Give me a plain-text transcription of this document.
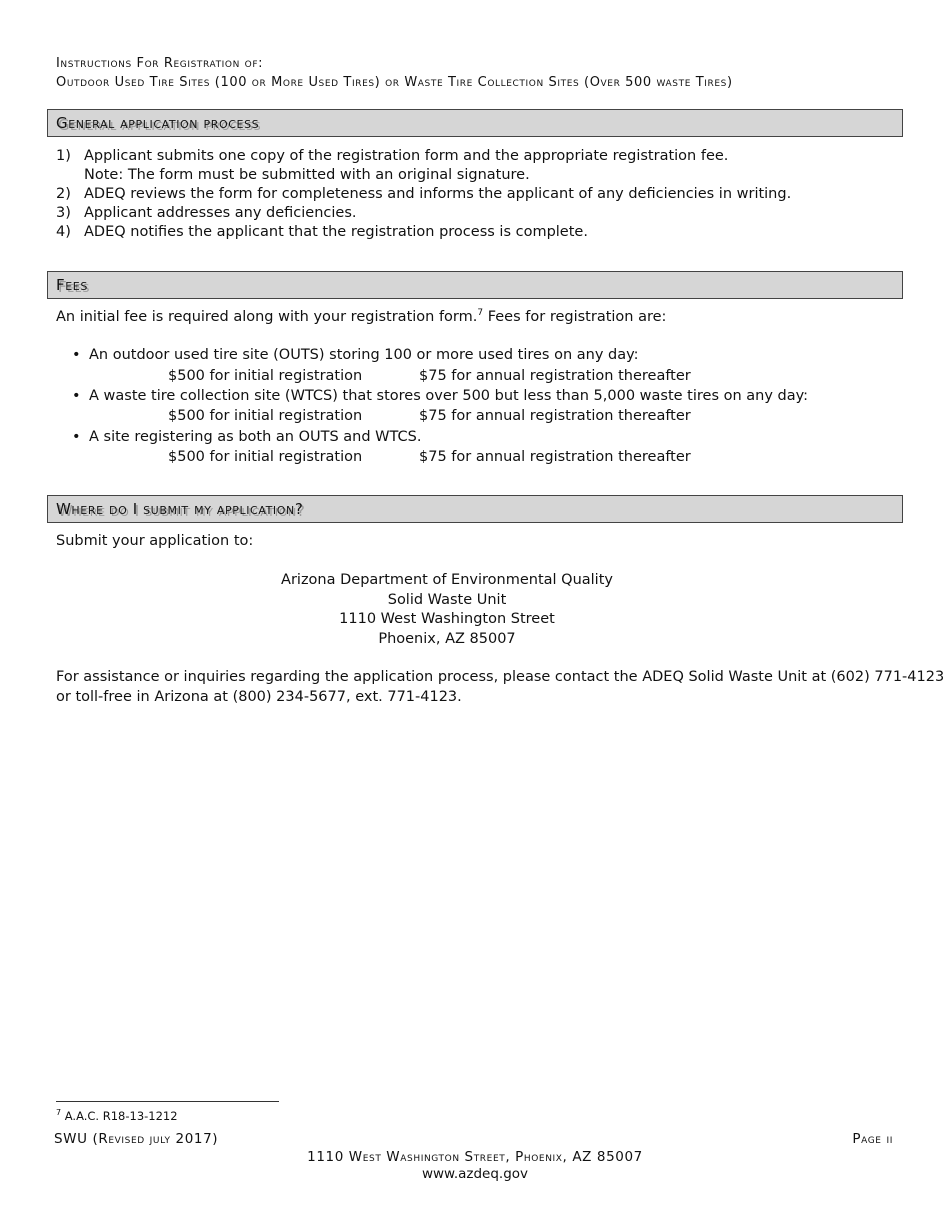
Instructions For Registration of:
Outdoor Used Tire Sites (100 or More Used Tires) or Waste Tire Collection Sites (Over 500 waste Tires)
General application process
1) Applicant submits one copy of the registration form and the appropriate registration fee.
Note: The form must be submitted with an original signature.
2) ADEQ reviews the form for completeness and informs the applicant of any deficiencies in writing.
3) Applicant addresses any deficiencies.
4) ADEQ notifies the applicant that the registration process is complete.
Fees
An initial fee is required along with your registration form.$^7$ Fees for registration are:
• An outdoor used tire site (OUTS) storing 100 or more used tires on any day:
$500 for initial registration	$75 for annual registration thereafter
• A waste tire collection site (WTCS) that stores over 500 but less than 5,000 waste tires on any day:
$500 for initial registration	$75 for annual registration thereafter
• A site registering as both an OUTS and WTCS.
$500 for initial registration	$75 for annual registration thereafter
Where do I submit my application?
Submit your application to:
Arizona Department of Environmental Quality
Solid Waste Unit
1110 West Washington Street
Phoenix, AZ 85007
For assistance or inquiries regarding the application process, please contact the ADEQ Solid Waste Unit at (602) 771-4123
or toll-free in Arizona at (800) 234-5677, ext. 771-4123.
$^7$ A.A.C. R18-13-1212
SWU (Revised july 2017)	Page ii
1110 West Washington Street, Phoenix, AZ 85007
www.azdeq.gov
